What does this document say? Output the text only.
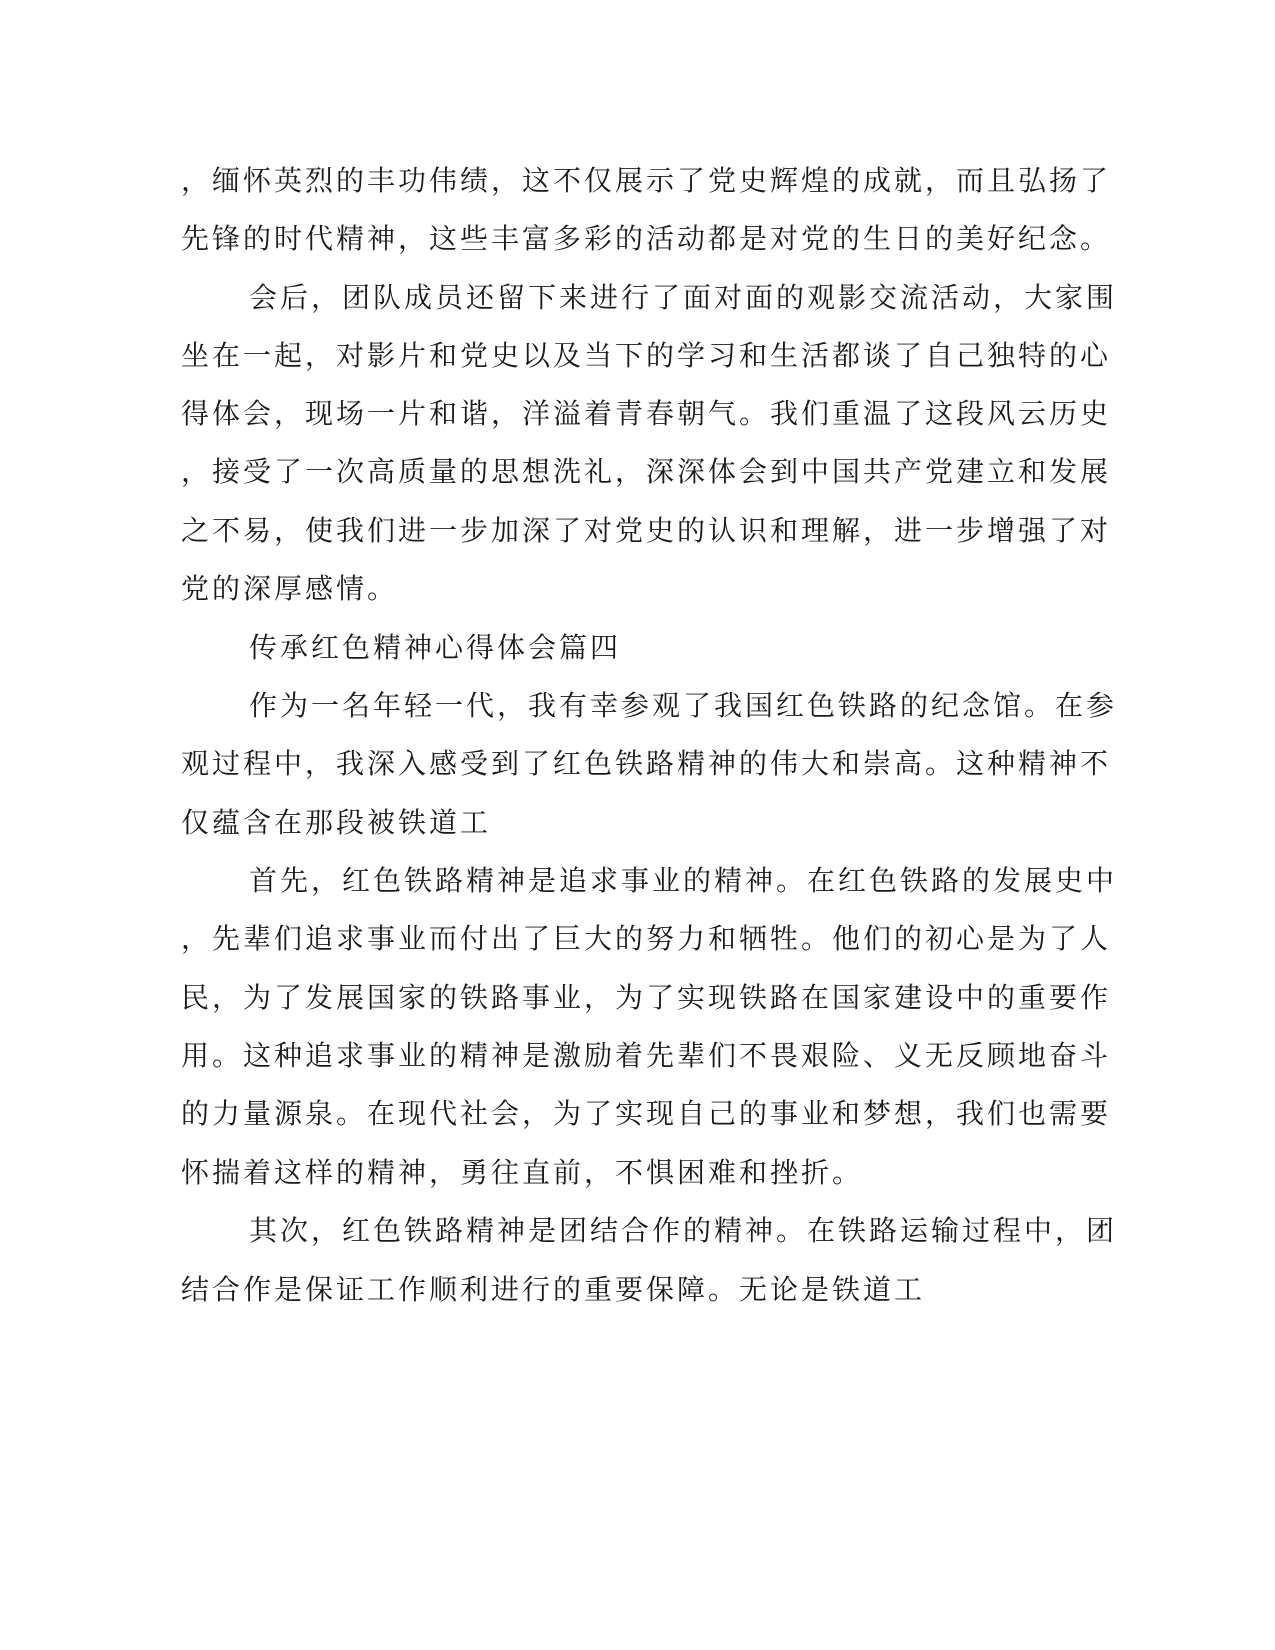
，缅怀英烈的丰功伟绩，这不仅展示了党史辉煌的成就，而且弘扬了

先锋的时代精神，这些丰富多彩的活动都是对党的生日的美好纪念。

会后，团队成员还留下来进行了面对面的观影交流活动，大家围

坐在一起，对影片和党史以及当下的学习和生活都谈了自己独特的心

得体会，现场一片和谐，洋溢着青春朝气。我们重温了这段风云历史

，接受了一次高质量的思想洗礼，深深体会到中国共产党建立和发展

之不易，使我们进一步加深了对党史的认识和理解，进一步增强了对

党的深厚感情。

传承红色精神心得体会篇四

作为一名年轻一代，我有幸参观了我国红色铁路的纪念馆。在参

观过程中，我深入感受到了红色铁路精神的伟大和崇高。这种精神不

仅蕴含在那段被铁道工

首先，红色铁路精神是追求事业的精神。在红色铁路的发展史中

，先辈们追求事业而付出了巨大的努力和牺牲。他们的初心是为了人

民，为了发展国家的铁路事业，为了实现铁路在国家建设中的重要作

用。这种追求事业的精神是激励着先辈们不畏艰险、义无反顾地奋斗

的力量源泉。在现代社会，为了实现自己的事业和梦想，我们也需要

怀揣着这样的精神，勇往直前，不惧困难和挫折。

其次，红色铁路精神是团结合作的精神。在铁路运输过程中，团

结合作是保证工作顺利进行的重要保障。无论是铁道工
